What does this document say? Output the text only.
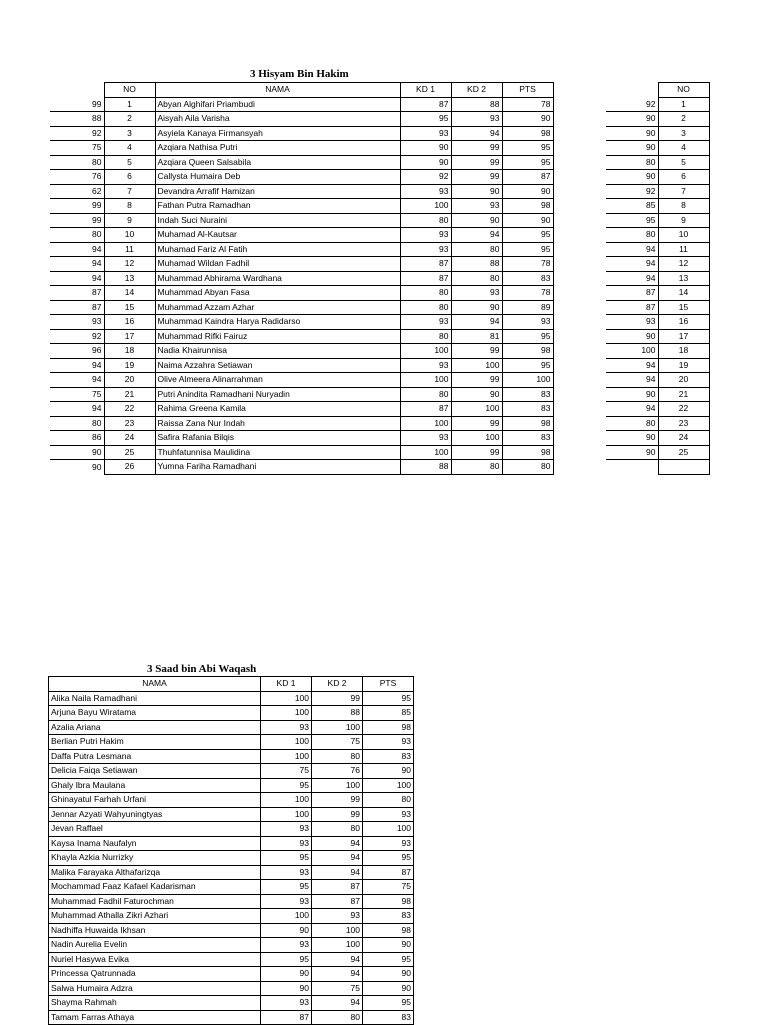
3 Hisyam Bin Hakim
	NO	NAMA	KD 1	KD 2	PTS
99	1	Abyan Alghifari Priambudi	87	88	78
88	2	Aisyah Aila Varisha	95	93	90
92	3	Asyiela Kanaya Firmansyah	93	94	98
75	4	Azqiara Nathisa Putri	90	99	95
80	5	Azqiara Queen Salsabila	90	99	95
76	6	Callysta Humaira Deb	92	99	87
62	7	Devandra Arrafif Hamizan	93	90	90
99	8	Fathan Putra Ramadhan	100	93	98
99	9	Indah Suci Nuraini	80	90	90
80	10	Muhamad Al-Kautsar	93	94	95
94	11	Muhamad Fariz Al Fatih	93	80	95
94	12	Muhamad Wildan Fadhil	87	88	78
94	13	Muhammad Abhirama Wardhana	87	80	83
87	14	Muhammad Abyan Fasa	80	93	78
87	15	Muhammad Azzam Azhar	80	90	89
93	16	Muhammad Kaindra Harya Radidarso	93	94	93
92	17	Muhammad Rifki Fairuz	80	81	95
96	18	Nadia Khairunnisa	100	99	98
94	19	Naima Azzahra Setiawan	93	100	95
94	20	Olive Almeera Alinarrahman	100	99	100
75	21	Putri Anindita Ramadhani Nuryadin	80	90	83
94	22	Rahima Greena Kamila	87	100	83
80	23	Raissa Zana Nur Indah	100	99	98
86	24	Safira Rafania Bilqis	93	100	83
90	25	Thuhfatunnisa Maulidina	100	99	98
90	26	Yumna Fariha Ramadhani	88	80	80
	NO
92	1
90	2
90	3
90	4
80	5
90	6
92	7
85	8
95	9
80	10
94	11
94	12
94	13
87	14
87	15
93	16
90	17
100	18
94	19
94	20
90	21
94	22
80	23
90	24
90	25

3 Saad bin Abi Waqash
NAMA	KD 1	KD 2	PTS
Alika Naila Ramadhani	100	99	95
Arjuna Bayu Wiratama	100	88	85
Azalia Ariana	93	100	98
Berlian Putri Hakim	100	75	93
Daffa Putra Lesmana	100	80	83
Delicia Faiqa Setiawan	75	76	90
Ghaly Ibra Maulana	95	100	100
Ghinayatul Farhah Urfani	100	99	80
Jennar Azyati Wahyuningtyas	100	99	93
Jevan Raffael	93	80	100
Kaysa Inama Naufalyn	93	94	93
Khayla Azkia Nurrizky	95	94	95
Malika Farayaka Althafarizqa	93	94	87
Mochammad Faaz Kafael Kadarisman	95	87	75
Muhammad Fadhil Faturochman	93	87	98
Muhammad Athalla Zikri Azhari	100	93	83
Nadhiffa Huwaida Ikhsan	90	100	98
Nadin Aurelia Evelin	93	100	90
Nuriel Hasywa Evika	95	94	95
Princessa Qatrunnada	90	94	90
Salwa Humaira Adzra	90	75	90
Shayma Rahmah	93	94	95
Tamam Farras Athaya	87	80	83
